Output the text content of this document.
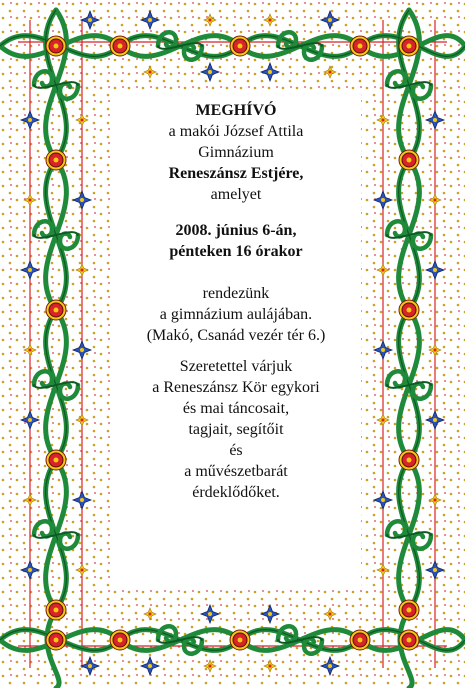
MEGHÍVÓ

a makói József Attila

Gimnázium

Reneszánsz Estjére,

amelyet

2008. június 6-án,

pénteken 16 órakor

rendezünk

a gimnázium aulájában.

(Makó, Csanád vezér tér 6.)

Szeretettel várjuk

a Reneszánsz Kör egykori

és mai táncosait,

tagjait, segítőit

és

a művészetbarát

érdeklődőket.
